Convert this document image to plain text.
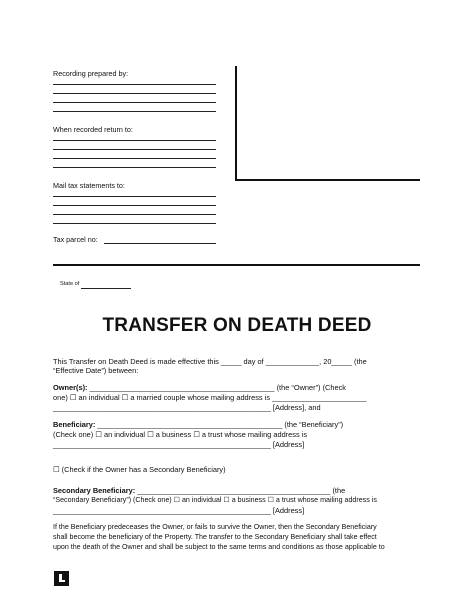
Recording prepared by:
When recorded return to:
Mail tax statements to:
Tax parcel no:
State of
TRANSFER ON DEATH DEED
This Transfer on Death Deed is made effective this _____ day of _____________, 20_____ (the
“Effective Date”) between:
Owner(s): _____________________________________________ (the “Owner”) (Check
one) ☐ an individual ☐ a married couple whose mailing address is _______________________
_____________________________________________________ [Address], and
Beneficiary: _____________________________________________ (the “Beneficiary”)
(Check one) ☐ an individual ☐ a business ☐ a trust whose mailing address is
_____________________________________________________ [Address]
☐ (Check if the Owner has a Secondary Beneficiary)
Secondary Beneficiary: _______________________________________________ (the
“Secondary Beneficiary”) (Check one) ☐ an individual ☐ a business ☐ a trust whose mailing address is
_____________________________________________________ [Address]
If the Beneficiary predeceases the Owner, or fails to survive the Owner, then the Secondary Beneficiary
shall become the beneficiary of the Property. The transfer to the Secondary Beneficiary shall take effect
upon the death of the Owner and shall be subject to the same terms and conditions as those applicable to
